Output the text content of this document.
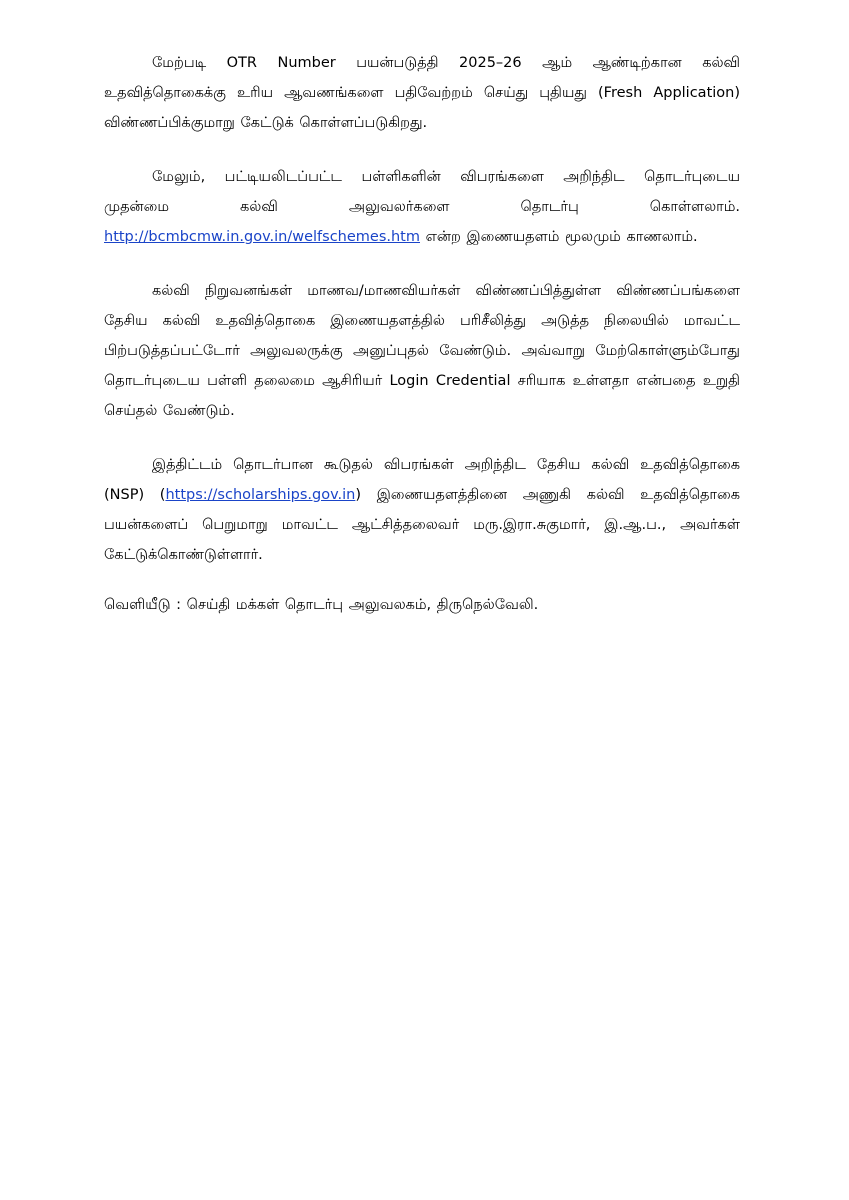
மேற்படி OTR Number பயன்படுத்தி 2025–26 ஆம் ஆண்டிற்கான கல்வி உதவித்தொகைக்கு உரிய ஆவணங்களை பதிவேற்றம் செய்து புதியது (Fresh Application) விண்ணப்பிக்குமாறு கேட்டுக் கொள்ளப்படுகிறது.

மேலும், பட்டியலிடப்பட்ட பள்ளிகளின் விபரங்களை அறிந்திட தொடர்புடைய முதன்மை கல்வி அலுவலர்களை தொடர்பு கொள்ளலாம். http://bcmbcmw.in.gov.in/welfschemes.htm என்ற இணையதளம் மூலமும் காணலாம்.

கல்வி நிறுவனங்கள் மாணவ/மாணவியர்கள் விண்ணப்பித்துள்ள விண்ணப்பங்களை தேசிய கல்வி உதவித்தொகை இணையதளத்தில் பரிசீலித்து அடுத்த நிலையில் மாவட்ட பிற்படுத்தப்பட்டோர் அலுவலருக்கு அனுப்புதல் வேண்டும். அவ்வாறு மேற்கொள்ளும்போது தொடர்புடைய பள்ளி தலைமை ஆசிரியர் Login Credential சரியாக உள்ளதா என்பதை உறுதி செய்தல் வேண்டும்.

இத்திட்டம் தொடர்பான கூடுதல் விபரங்கள் அறிந்திட தேசிய கல்வி உதவித்தொகை (NSP) (https://scholarships.gov.in) இணையதளத்தினை அணுகி கல்வி உதவித்தொகை பயன்களைப் பெறுமாறு மாவட்ட ஆட்சித்தலைவர் மரு.இரா.சுகுமார், இ.ஆ.ப., அவர்கள் கேட்டுக்கொண்டுள்ளார்.

வெளியீடு : செய்தி மக்கள் தொடர்பு அலுவலகம், திருநெல்வேலி.
